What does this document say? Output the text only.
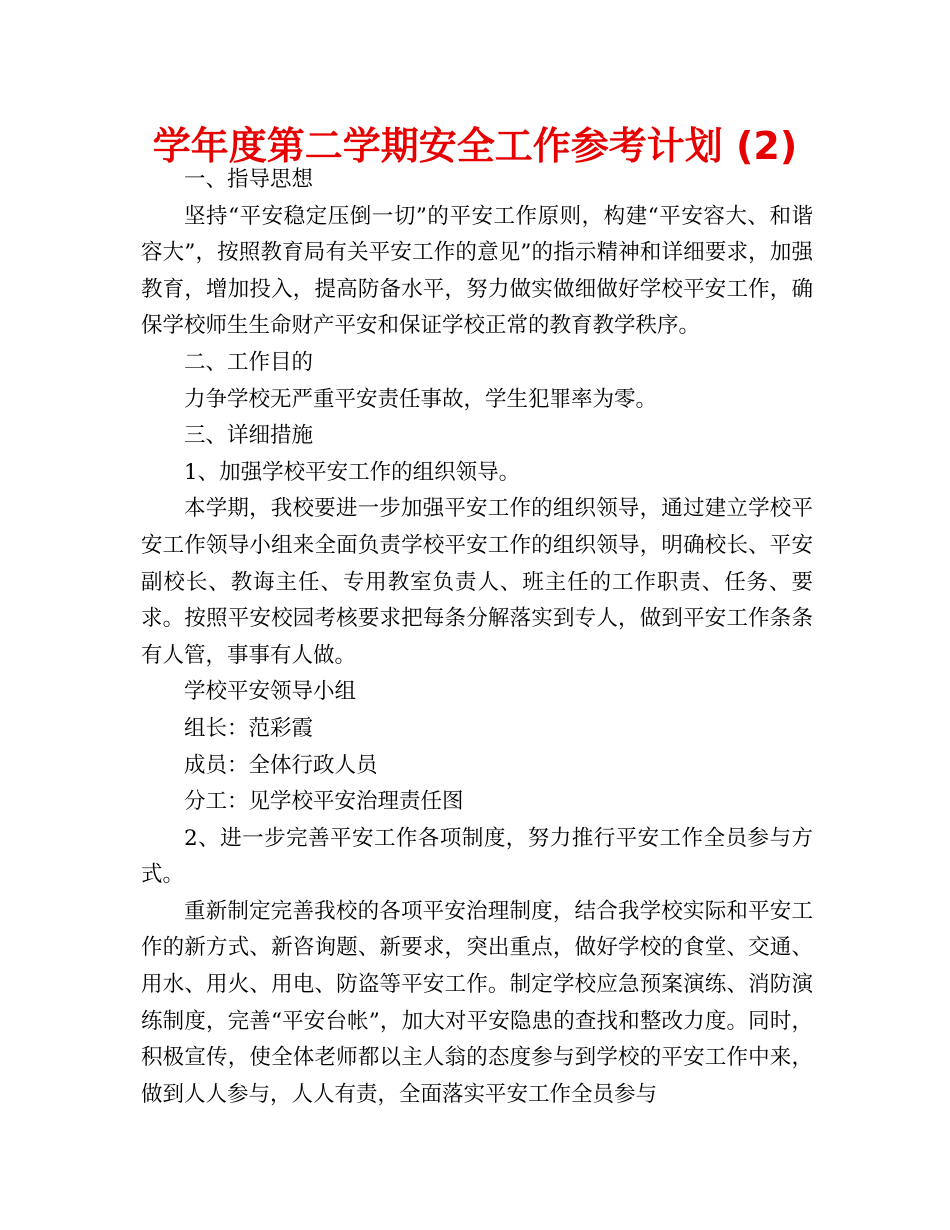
学年度第二学期安全工作参考计划 (2)

一、指导思想

坚持“平安稳定压倒一切”的平安工作原则，构建“平安容大、和谐容大”，按照教育局有关平安工作的意见”的指示精神和详细要求，加强教育，增加投入，提高防备水平，努力做实做细做好学校平安工作，确保学校师生生命财产平安和保证学校正常的教育教学秩序。

二、工作目的

力争学校无严重平安责任事故，学生犯罪率为零。

三、详细措施

1、加强学校平安工作的组织领导。

本学期，我校要进一步加强平安工作的组织领导，通过建立学校平安工作领导小组来全面负责学校平安工作的组织领导，明确校长、平安副校长、教诲主任、专用教室负责人、班主任的工作职责、任务、要求。按照平安校园考核要求把每条分解落实到专人，做到平安工作条条有人管，事事有人做。

学校平安领导小组

组长：范彩霞

成员：全体行政人员

分工：见学校平安治理责任图

2、进一步完善平安工作各项制度，努力推行平安工作全员参与方式。

重新制定完善我校的各项平安治理制度，结合我学校实际和平安工作的新方式、新咨询题、新要求，突出重点，做好学校的食堂、交通、用水、用火、用电、防盗等平安工作。制定学校应急预案演练、消防演练制度，完善“平安台帐”，加大对平安隐患的查找和整改力度。同时，积极宣传，使全体老师都以主人翁的态度参与到学校的平安工作中来，做到人人参与，人人有责，全面落实平安工作全员参与
